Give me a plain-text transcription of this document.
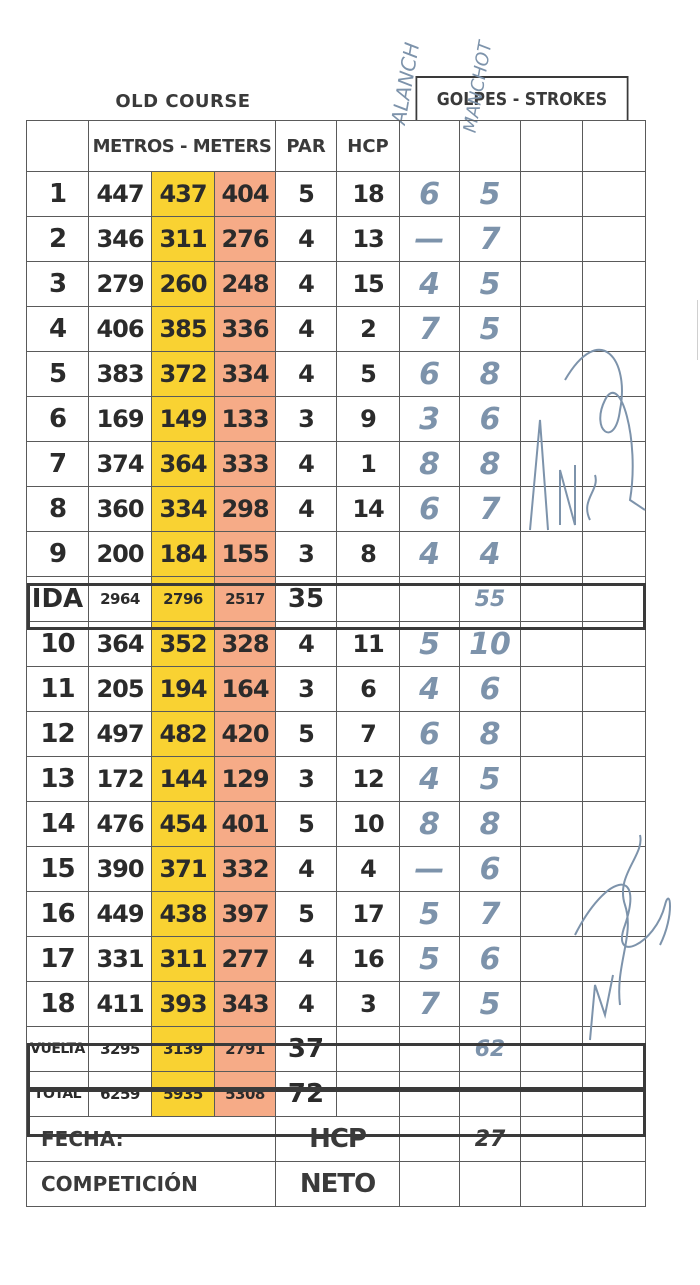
OLD COURSE	GOLPES - STROKES
ALANCH MANCHOT
	METROS - METERS			PAR	HCP				
1	447	437	404	5	18	6	5		
2	346	311	276	4	13	—	7		
3	279	260	248	4	15	4	5		
4	406	385	336	4	2	7	5		
5	383	372	334	4	5	6	8		
6	169	149	133	3	9	3	6		
7	374	364	333	4	1	8	8		
8	360	334	298	4	14	6	7		
9	200	184	155	3	8	4	4		
IDA	2964	2796	2517	35			55		
10	364	352	328	4	11	5	10		
11	205	194	164	3	6	4	6		
12	497	482	420	5	7	6	8		
13	172	144	129	3	12	4	5		
14	476	454	401	5	10	8	8		
15	390	371	332	4	4	—	6		
16	449	438	397	5	17	5	7		
17	331	311	277	4	16	5	6		
18	411	393	343	4	3	7	5		
VUELTA	3295	3139	2791	37			62		
TOTAL	6259	5935	5308	72					
FECHA:				HCP			27		
COMPETICIÓN				NETO					
